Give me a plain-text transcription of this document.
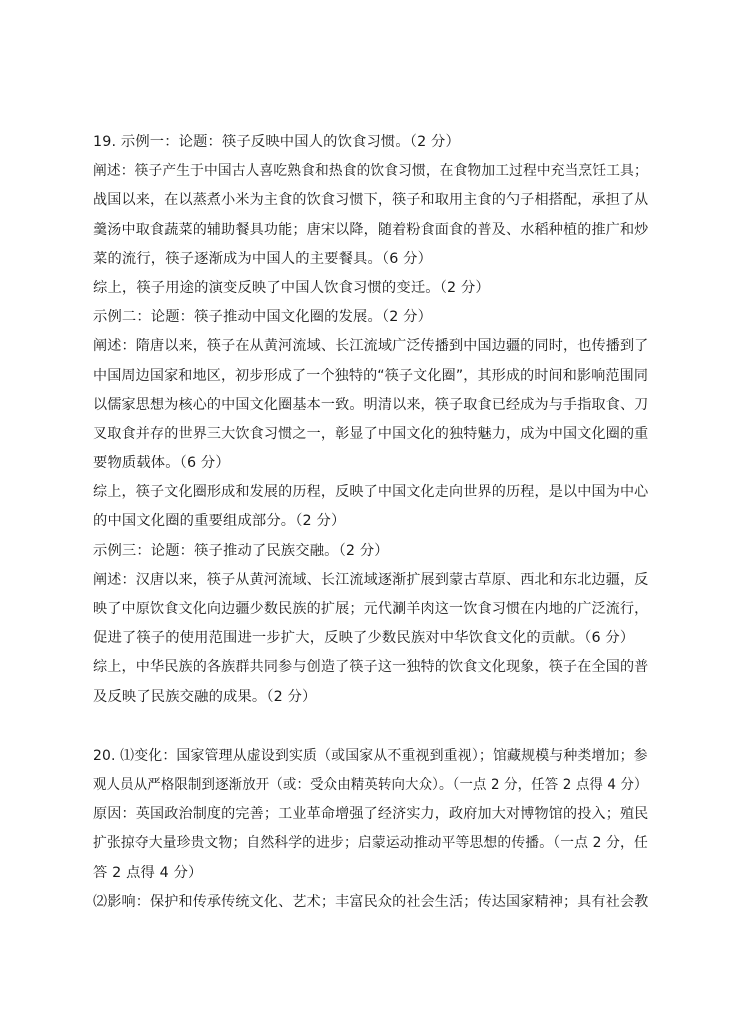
19. 示例一：论题：筷子反映中国人的饮食习惯。（2 分）
阐述：筷子产生于中国古人喜吃熟食和热食的饮食习惯，在食物加工过程中充当烹饪工具；
战国以来，在以蒸煮小米为主食的饮食习惯下，筷子和取用主食的勺子相搭配，承担了从
羹汤中取食蔬菜的辅助餐具功能；唐宋以降，随着粉食面食的普及、水稻种植的推广和炒
菜的流行，筷子逐渐成为中国人的主要餐具。（6 分）
综上，筷子用途的演变反映了中国人饮食习惯的变迁。（2 分）
示例二：论题：筷子推动中国文化圈的发展。（2 分）
阐述：隋唐以来，筷子在从黄河流域、长江流域广泛传播到中国边疆的同时，也传播到了
中国周边国家和地区，初步形成了一个独特的“筷子文化圈”，其形成的时间和影响范围同
以儒家思想为核心的中国文化圈基本一致。明清以来，筷子取食已经成为与手指取食、刀
叉取食并存的世界三大饮食习惯之一，彰显了中国文化的独特魅力，成为中国文化圈的重
要物质载体。（6 分）
综上，筷子文化圈形成和发展的历程，反映了中国文化走向世界的历程，是以中国为中心
的中国文化圈的重要组成部分。（2 分）
示例三：论题：筷子推动了民族交融。（2 分）
阐述：汉唐以来，筷子从黄河流域、长江流域逐渐扩展到蒙古草原、西北和东北边疆，反
映了中原饮食文化向边疆少数民族的扩展；元代涮羊肉这一饮食习惯在内地的广泛流行，
促进了筷子的使用范围进一步扩大，反映了少数民族对中华饮食文化的贡献。（6 分）
综上，中华民族的各族群共同参与创造了筷子这一独特的饮食文化现象，筷子在全国的普
及反映了民族交融的成果。（2 分）
20. ⑴变化：国家管理从虚设到实质（或国家从不重视到重视）；馆藏规模与种类增加；参
观人员从严格限制到逐渐放开（或：受众由精英转向大众）。（一点 2 分，任答 2 点得 4 分）
原因：英国政治制度的完善；工业革命增强了经济实力，政府加大对博物馆的投入；殖民
扩张掠夺大量珍贵文物；自然科学的进步；启蒙运动推动平等思想的传播。（一点 2 分，任
答 2 点得 4 分）
⑵影响：保护和传承传统文化、艺术；丰富民众的社会生活；传达国家精神；具有社会教
